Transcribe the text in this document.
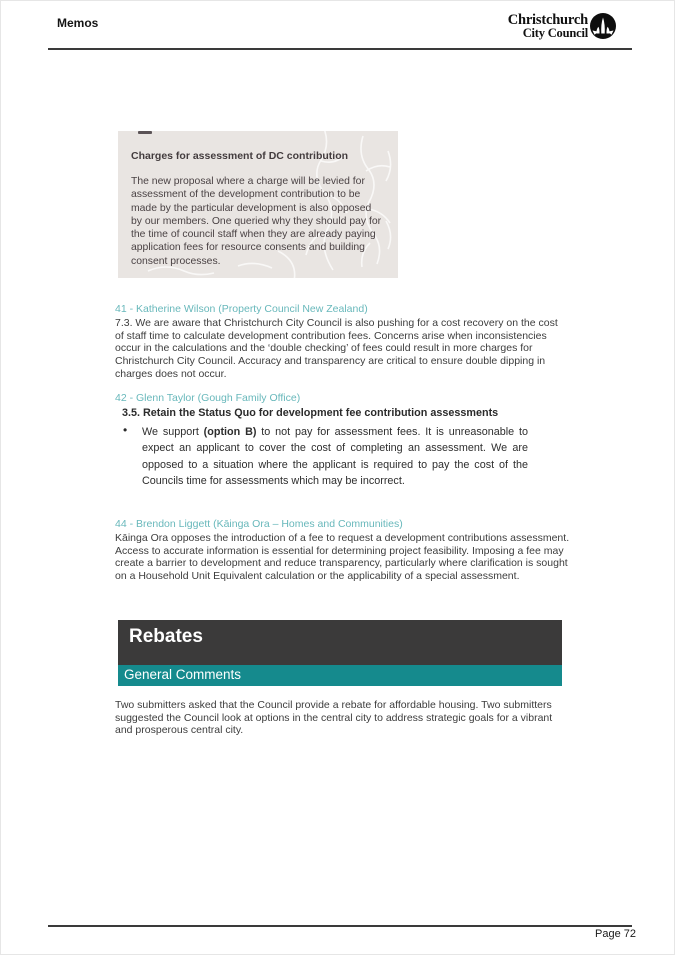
Memos	Christchurch
City Council
Charges for assessment of DC contribution
The new proposal where a charge will be levied for assessment of the development contribution to be made by the particular development is also opposed by our members. One queried why they should pay for the time of council staff when they are already paying application fees for resource consents and building consent processes.
41 - Katherine Wilson (Property Council New Zealand)
7.3. We are aware that Christchurch City Council is also pushing for a cost recovery on the cost of staff time to calculate development contribution fees. Concerns arise when inconsistencies occur in the calculations and the ‘double checking’ of fees could result in more charges for Christchurch City Council. Accuracy and transparency are critical to ensure double dipping in charges does not occur.
42 - Glenn Taylor (Gough Family Office)
3.5. Retain the Status Quo for development fee contribution assessments
• We support (option B) to not pay for assessment fees. It is unreasonable to expect an applicant to cover the cost of completing an assessment. We are opposed to a situation where the applicant is required to pay the cost of the Councils time for assessments which may be incorrect.
44 - Brendon Liggett (Kāinga Ora – Homes and Communities)
Kāinga Ora opposes the introduction of a fee to request a development contributions assessment. Access to accurate information is essential for determining project feasibility. Imposing a fee may create a barrier to development and reduce transparency, particularly where clarification is sought on a Household Unit Equivalent calculation or the applicability of a special assessment.
Rebates
General Comments
Two submitters asked that the Council provide a rebate for affordable housing. Two submitters suggested the Council look at options in the central city to address strategic goals for a vibrant and prosperous central city.
Page 72
